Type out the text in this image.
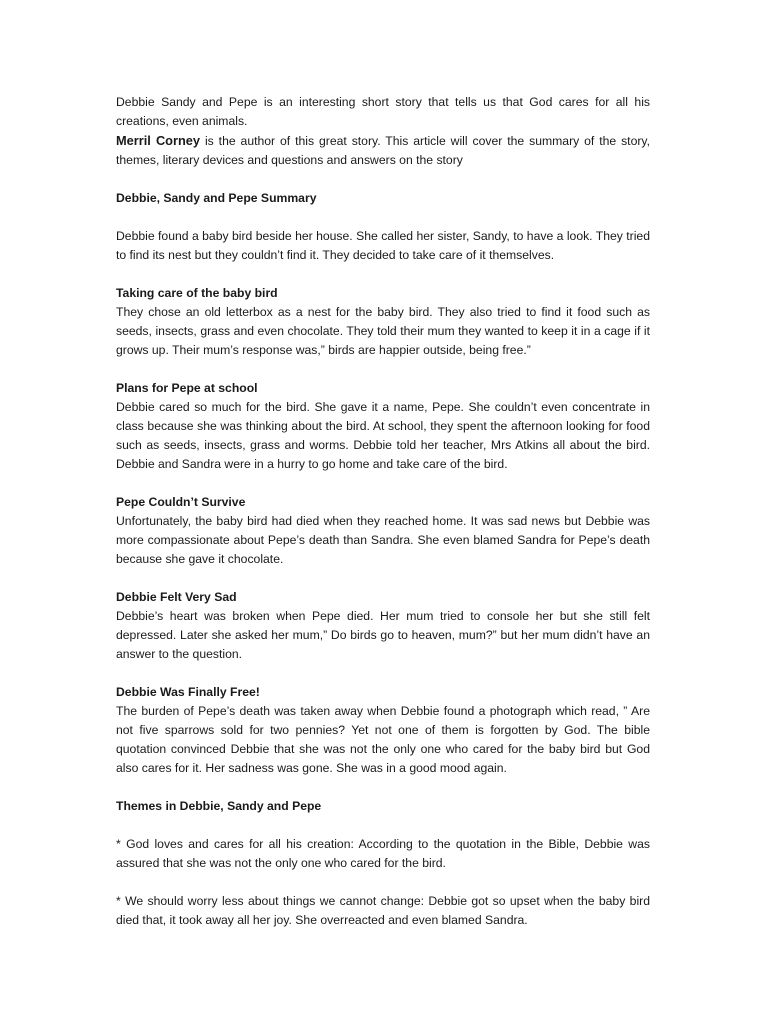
Debbie Sandy and Pepe is an interesting short story that tells us that God cares for all his creations, even animals.

Merril Corney is the author of this great story. This article will cover the summary of the story, themes, literary devices and questions and answers on the story

Debbie, Sandy and Pepe Summary

Debbie found a baby bird beside her house. She called her sister, Sandy, to have a look. They tried to find its nest but they couldn’t find it. They decided to take care of it themselves.

Taking care of the baby bird

They chose an old letterbox as a nest for the baby bird. They also tried to find it food such as seeds, insects, grass and even chocolate. They told their mum they wanted to keep it in a cage if it grows up. Their mum’s response was,” birds are happier outside, being free.”

Plans for Pepe at school

Debbie cared so much for the bird. She gave it a name, Pepe. She couldn’t even concentrate in class because she was thinking about the bird. At school, they spent the afternoon looking for food such as seeds, insects, grass and worms. Debbie told her teacher, Mrs Atkins all about the bird. Debbie and Sandra were in a hurry to go home and take care of the bird.

Pepe Couldn’t Survive

Unfortunately, the baby bird had died when they reached home. It was sad news but Debbie was more compassionate about Pepe’s death than Sandra. She even blamed Sandra for Pepe’s death because she gave it chocolate.

Debbie Felt Very Sad

Debbie’s heart was broken when Pepe died. Her mum tried to console her but she still felt depressed. Later she asked her mum,” Do birds go to heaven, mum?” but her mum didn’t have an answer to the question.

Debbie Was Finally Free!

The burden of Pepe’s death was taken away when Debbie found a photograph which read, ” Are not five sparrows sold for two pennies? Yet not one of them is forgotten by God. The bible quotation convinced Debbie that she was not the only one who cared for the baby bird but God also cares for it. Her sadness was gone. She was in a good mood again.

Themes in Debbie, Sandy and Pepe

* God loves and cares for all his creation: According to the quotation in the Bible, Debbie was assured that she was not the only one who cared for the bird.

* We should worry less about things we cannot change: Debbie got so upset when the baby bird died that, it took away all her joy. She overreacted and even blamed Sandra.
